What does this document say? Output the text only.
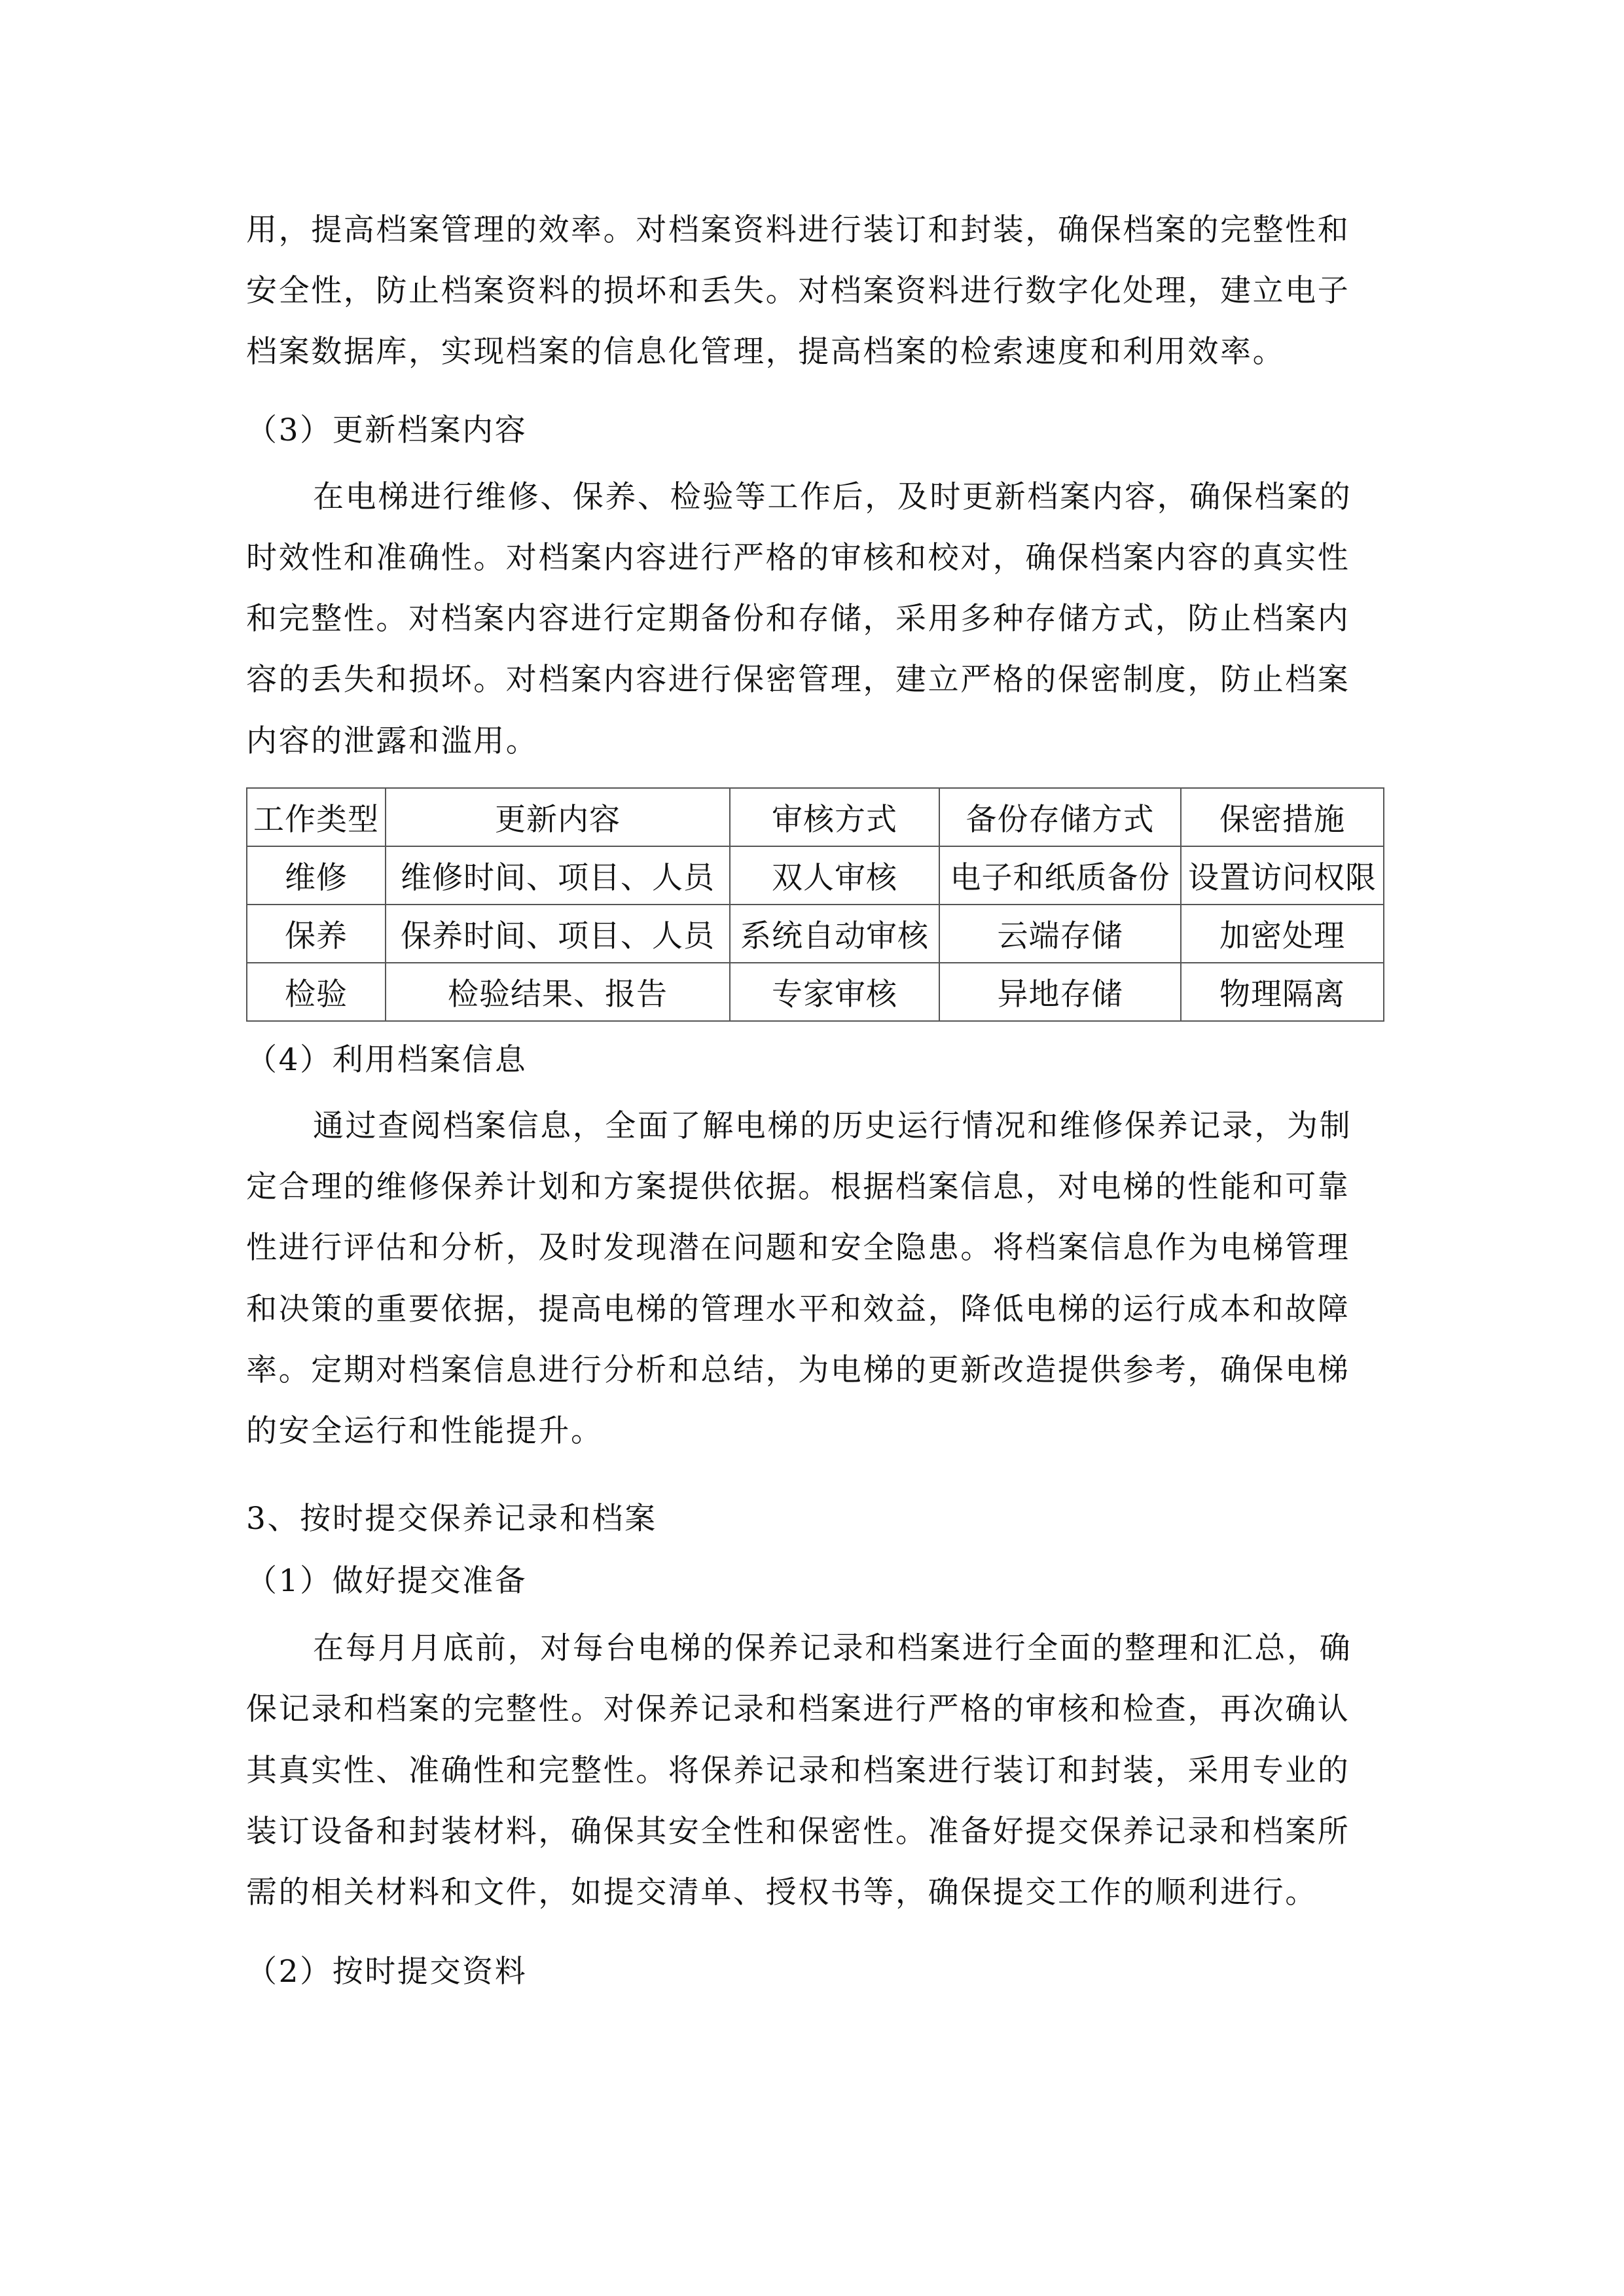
用，提高档案管理的效率。对档案资料进行装订和封装，确保档案的完整性和
安全性，防止档案资料的损坏和丢失。对档案资料进行数字化处理，建立电子
档案数据库，实现档案的信息化管理，提高档案的检索速度和利用效率。
（3）更新档案内容
在电梯进行维修、保养、检验等工作后，及时更新档案内容，确保档案的
时效性和准确性。对档案内容进行严格的审核和校对，确保档案内容的真实性
和完整性。对档案内容进行定期备份和存储，采用多种存储方式，防止档案内
容的丢失和损坏。对档案内容进行保密管理，建立严格的保密制度，防止档案
内容的泄露和滥用。
工作类型	更新内容	审核方式	备份存储方式	保密措施
维修	维修时间、项目、人员	双人审核	电子和纸质备份	设置访问权限
保养	保养时间、项目、人员	系统自动审核	云端存储	加密处理
检验	检验结果、报告	专家审核	异地存储	物理隔离
（4）利用档案信息
通过查阅档案信息，全面了解电梯的历史运行情况和维修保养记录，为制
定合理的维修保养计划和方案提供依据。根据档案信息，对电梯的性能和可靠
性进行评估和分析，及时发现潜在问题和安全隐患。将档案信息作为电梯管理
和决策的重要依据，提高电梯的管理水平和效益，降低电梯的运行成本和故障
率。定期对档案信息进行分析和总结，为电梯的更新改造提供参考，确保电梯
的安全运行和性能提升。
3、按时提交保养记录和档案
（1）做好提交准备
在每月月底前，对每台电梯的保养记录和档案进行全面的整理和汇总，确
保记录和档案的完整性。对保养记录和档案进行严格的审核和检查，再次确认
其真实性、准确性和完整性。将保养记录和档案进行装订和封装，采用专业的
装订设备和封装材料，确保其安全性和保密性。准备好提交保养记录和档案所
需的相关材料和文件，如提交清单、授权书等，确保提交工作的顺利进行。
（2）按时提交资料
